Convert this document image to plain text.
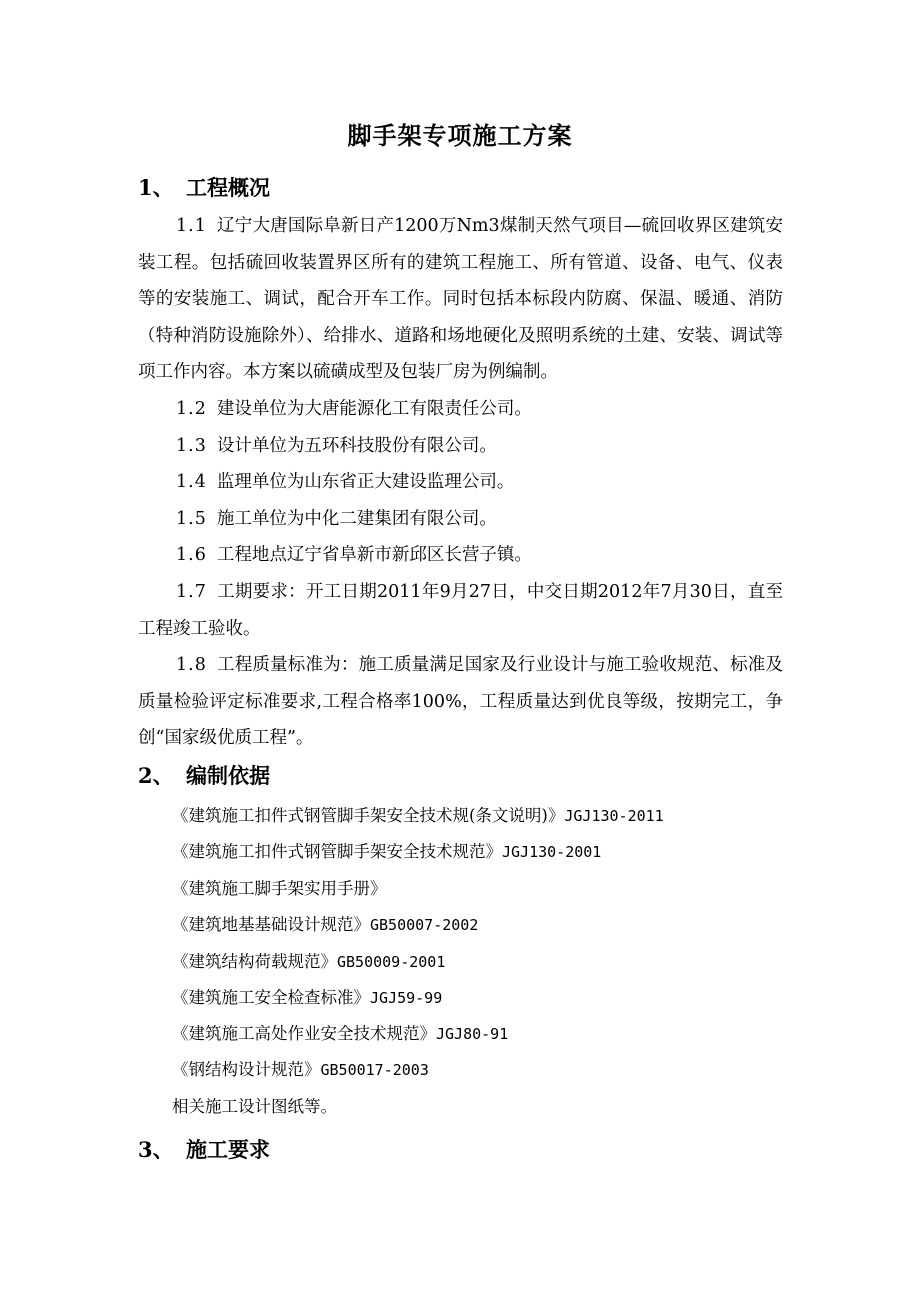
脚手架专项施工方案
1、 工程概况
1.1 辽宁大唐国际阜新日产1200万Nm3煤制天然气项目—硫回收界区建筑安装工程。包括硫回收装置界区所有的建筑工程施工、所有管道、设备、电气、仪表等的安装施工、调试，配合开车工作。同时包括本标段内防腐、保温、暖通、消防（特种消防设施除外）、给排水、道路和场地硬化及照明系统的土建、安装、调试等项工作内容。本方案以硫磺成型及包装厂房为例编制。
1.2 建设单位为大唐能源化工有限责任公司。
1.3 设计单位为五环科技股份有限公司。
1.4 监理单位为山东省正大建设监理公司。
1.5 施工单位为中化二建集团有限公司。
1.6 工程地点辽宁省阜新市新邱区长营子镇。
1.7 工期要求：开工日期2011年9月27日，中交日期2012年7月30日，直至工程竣工验收。
1.8 工程质量标准为：施工质量满足国家及行业设计与施工验收规范、标准及质量检验评定标准要求,工程合格率100%，工程质量达到优良等级，按期完工，争创“国家级优质工程”。
2、 编制依据
《建筑施工扣件式钢管脚手架安全技术规(条文说明)》JGJ130-2011
《建筑施工扣件式钢管脚手架安全技术规范》JGJ130-2001
《建筑施工脚手架实用手册》
《建筑地基基础设计规范》GB50007-2002
《建筑结构荷载规范》GB50009-2001
《建筑施工安全检查标准》JGJ59-99
《建筑施工高处作业安全技术规范》JGJ80-91
《钢结构设计规范》GB50017-2003
相关施工设计图纸等。
3、 施工要求
